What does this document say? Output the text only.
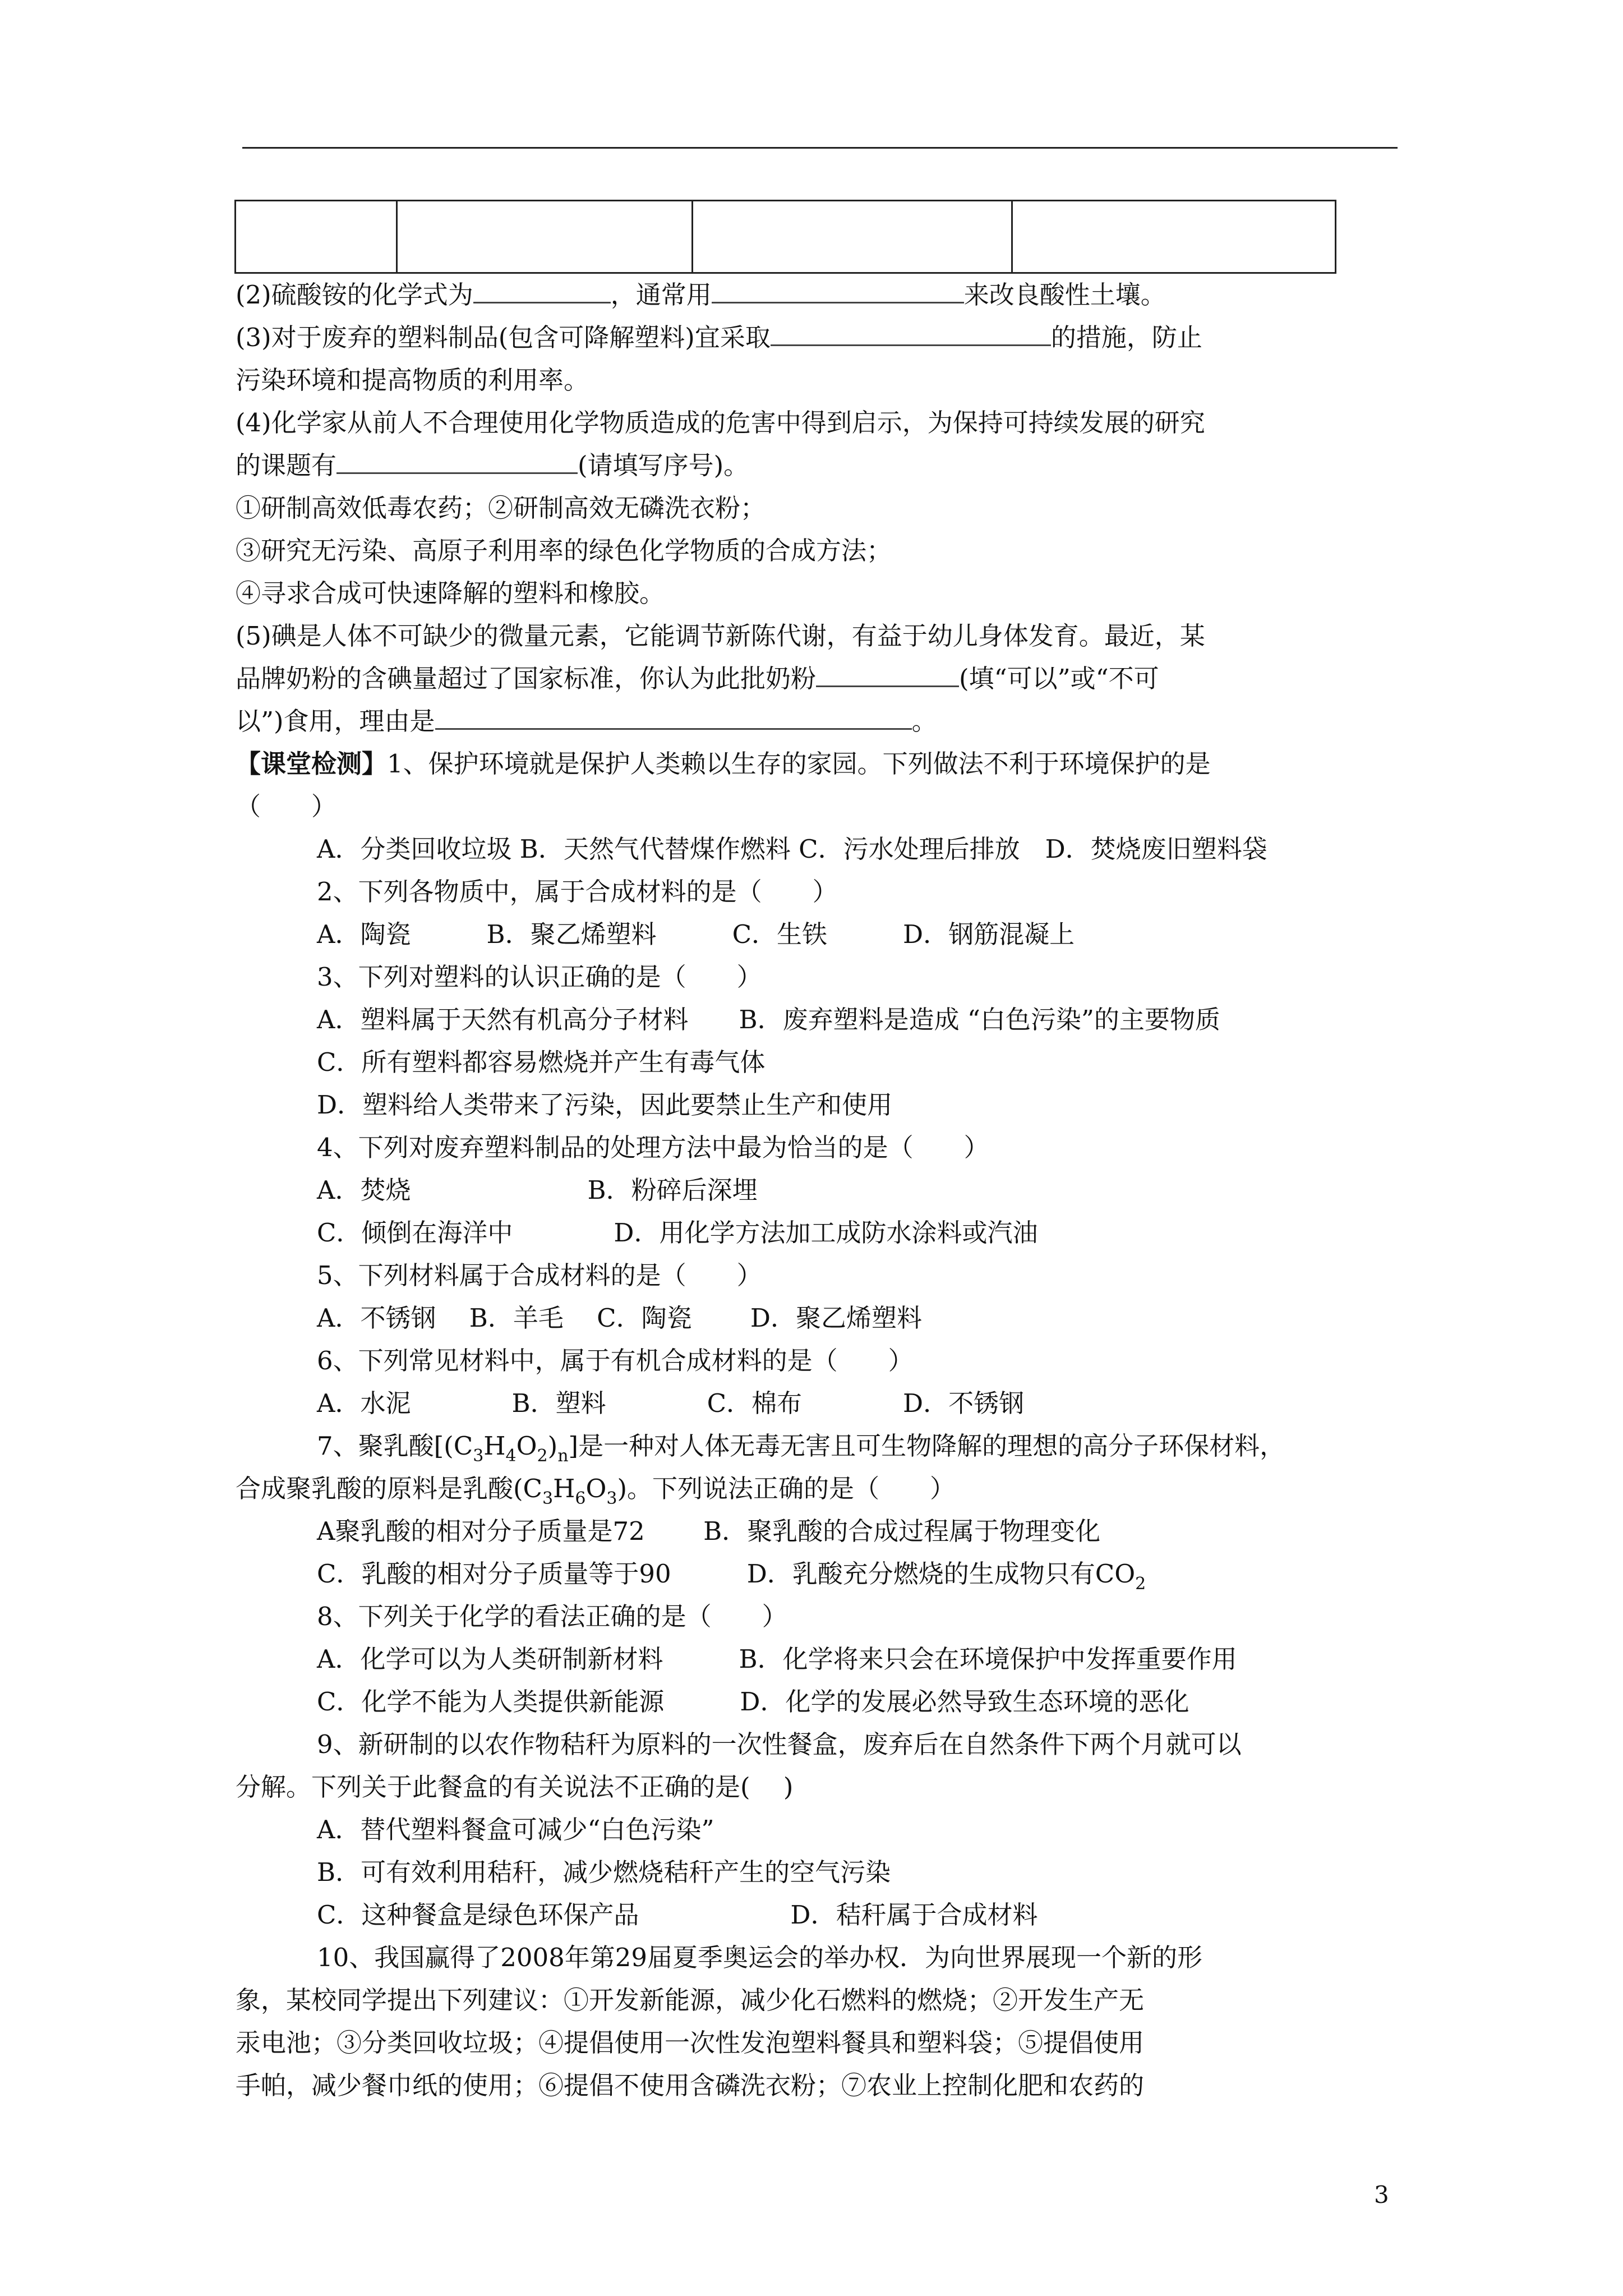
(2)硫酸铵的化学式为	，通常用	来改良酸性土壤。
(3)对于废弃的塑料制品(包含可降解塑料)宜采取	的措施，防止
污染环境和提高物质的利用率。
(4)化学家从前人不合理使用化学物质造成的危害中得到启示，为保持可持续发展的研究
的课题有	(请填写序号)。
①研制高效低毒农药；②研制高效无磷洗衣粉；
③研究无污染、高原子利用率的绿色化学物质的合成方法；
④寻求合成可快速降解的塑料和橡胶。
(5)碘是人体不可缺少的微量元素，它能调节新陈代谢，有益于幼儿身体发育。最近，某
品牌奶粉的含碘量超过了国家标准，你认为此批奶粉	(填“可以”或“不可
以”)食用，理由是	。
【课堂检测】1、保护环境就是保护人类赖以生存的家园。下列做法不利于环境保护的是
（　　）
A．分类回收垃圾 B．天然气代替煤作燃料 C．污水处理后排放　D．焚烧废旧塑料袋
2、下列各物质中，属于合成材料的是（　　）
A．陶瓷　　　B．聚乙烯塑料　　　C．生铁　　　D．钢筋混凝上
3、下列对塑料的认识正确的是（　　）
A．塑料属于天然有机高分子材料　　B．废弃塑料是造成 “白色污染”的主要物质
C．所有塑料都容易燃烧并产生有毒气体
D．塑料给人类带来了污染，因此要禁止生产和使用
4、下列对废弃塑料制品的处理方法中最为恰当的是（　　）
A．焚烧　　　　　　　B．粉碎后深埋
C．倾倒在海洋中　　　　D．用化学方法加工成防水涂料或汽油
5、下列材料属于合成材料的是（　　）
A．不锈钢　 B．羊毛　 C．陶瓷　　 D．聚乙烯塑料
6、下列常见材料中，属于有机合成材料的是（　　）
A．水泥　　　　B．塑料　　　　C．棉布　　　　D．不锈钢
7、聚乳酸$[(C_3H_4O_2)_n]$是一种对人体无毒无害且可生物降解的理想的高分子环保材料，
合成聚乳酸的原料是乳酸$(C_3H_6O_3)$。下列说法正确的是（　　）
A聚乳酸的相对分子质量是72　　 B．聚乳酸的合成过程属于物理变化
C．乳酸的相对分子质量等于90　　　D．乳酸充分燃烧的生成物只有$CO_2$
8、下列关于化学的看法正确的是（　　）
A．化学可以为人类研制新材料　　　B．化学将来只会在环境保护中发挥重要作用
C．化学不能为人类提供新能源　　　D．化学的发展必然导致生态环境的恶化
9、新研制的以农作物秸秆为原料的一次性餐盒，废弃后在自然条件下两个月就可以
分解。下列关于此餐盒的有关说法不正确的是(　 )
A．替代塑料餐盒可减少“白色污染”
B．可有效利用秸秆，减少燃烧秸秆产生的空气污染
C．这种餐盒是绿色环保产品　　　　　　D．秸秆属于合成材料
10、我国赢得了2008年第29届夏季奥运会的举办权．为向世界展现一个新的形
象，某校同学提出下列建议：①开发新能源，减少化石燃料的燃烧；②开发生产无
汞电池；③分类回收垃圾；④提倡使用一次性发泡塑料餐具和塑料袋；⑤提倡使用
手帕，减少餐巾纸的使用；⑥提倡不使用含磷洗衣粉；⑦农业上控制化肥和农药的
3
